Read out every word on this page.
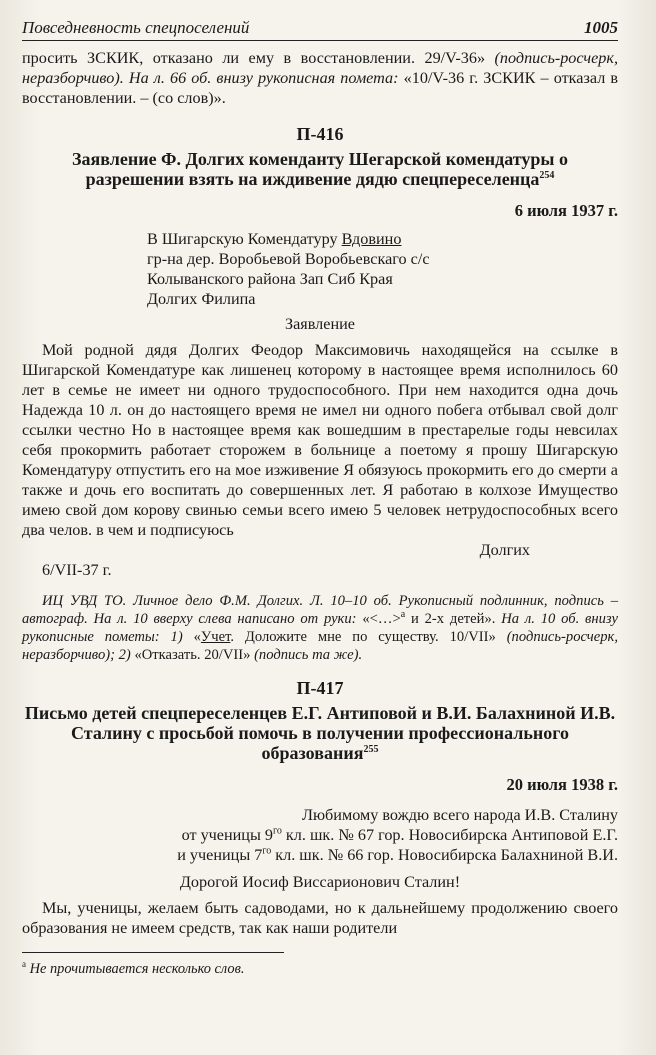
Повседневность спецпоселений	1005

просить ЗСКИК, отказано ли ему в восстановлении. 29/V-36» (подпись-росчерк, неразборчиво). На л. 66 об. внизу рукописная помета: «10/V-36 г. ЗСКИК – отказал в восстановлении. – (со слов)».

П-416

Заявление Ф. Долгих коменданту Шегарской комендатуры о разрешении взять на иждивение дядю спецпереселенца$^{254}$

6 июля 1937 г.

В Шигарскую Комендатуру Вдовино

гр-на дер. Воробьевой Воробьевскаго с/с

Колыванского района Зап Сиб Края

Долгих Филипа

Заявление

Мой родной дядя Долгих Феодор Максимовичь находящейся на ссылке в Шигарской Комендатуре как лишенец которому в настоящее время исполнилось 60 лет в семье не имеет ни одного трудоспособного. При нем находится одна дочь Надежда 10 л. он до настоящего время не имел ни одного побега отбывал свой долг ссылки честно Но в настоящее время как вошедшим в престарелые годы невсилах себя прокормить работает сторожем в больнице а поетому я прошу Шигарскую Комендатуру отпустить его на мое изживение Я обязуюсь прокормить его до смерти а также и дочь его воспитать до совершенных лет. Я работаю в колхозе Имущество имею свой дом корову свинью семьи всего имею 5 человек нетрудоспособных всего два челов. в чем и подписуюсь

Долгих

6/VII-37 г.

ИЦ УВД ТО. Личное дело Ф.М. Долгих. Л. 10–10 об. Рукописный подлинник, подпись – автограф. На л. 10 вверху слева написано от руки: «<…>$^а$ и 2-х детей». На л. 10 об. внизу рукописные пометы: 1) «Учет. Доложите мне по существу. 10/VII» (подпись-росчерк, неразборчиво); 2) «Отказать. 20/VII» (подпись та же).

П-417

Письмо детей спецпереселенцев Е.Г. Антиповой и В.И. Балахниной И.В. Сталину с просьбой помочь в получении профессионального образования$^{255}$

20 июля 1938 г.

Любимому вождю всего народа И.В. Сталину

от ученицы $9^{го}$ кл. шк. № 67 гор. Новосибирска Антиповой Е.Г.

и ученицы $7^{го}$ кл. шк. № 66 гор. Новосибирска Балахниной В.И.

Дорогой Иосиф Виссарионович Сталин!

Мы, ученицы, желаем быть садоводами, но к дальнейшему продолжению своего образования не имеем средств, так как наши родители

$^а$ Не прочитывается несколько слов.
